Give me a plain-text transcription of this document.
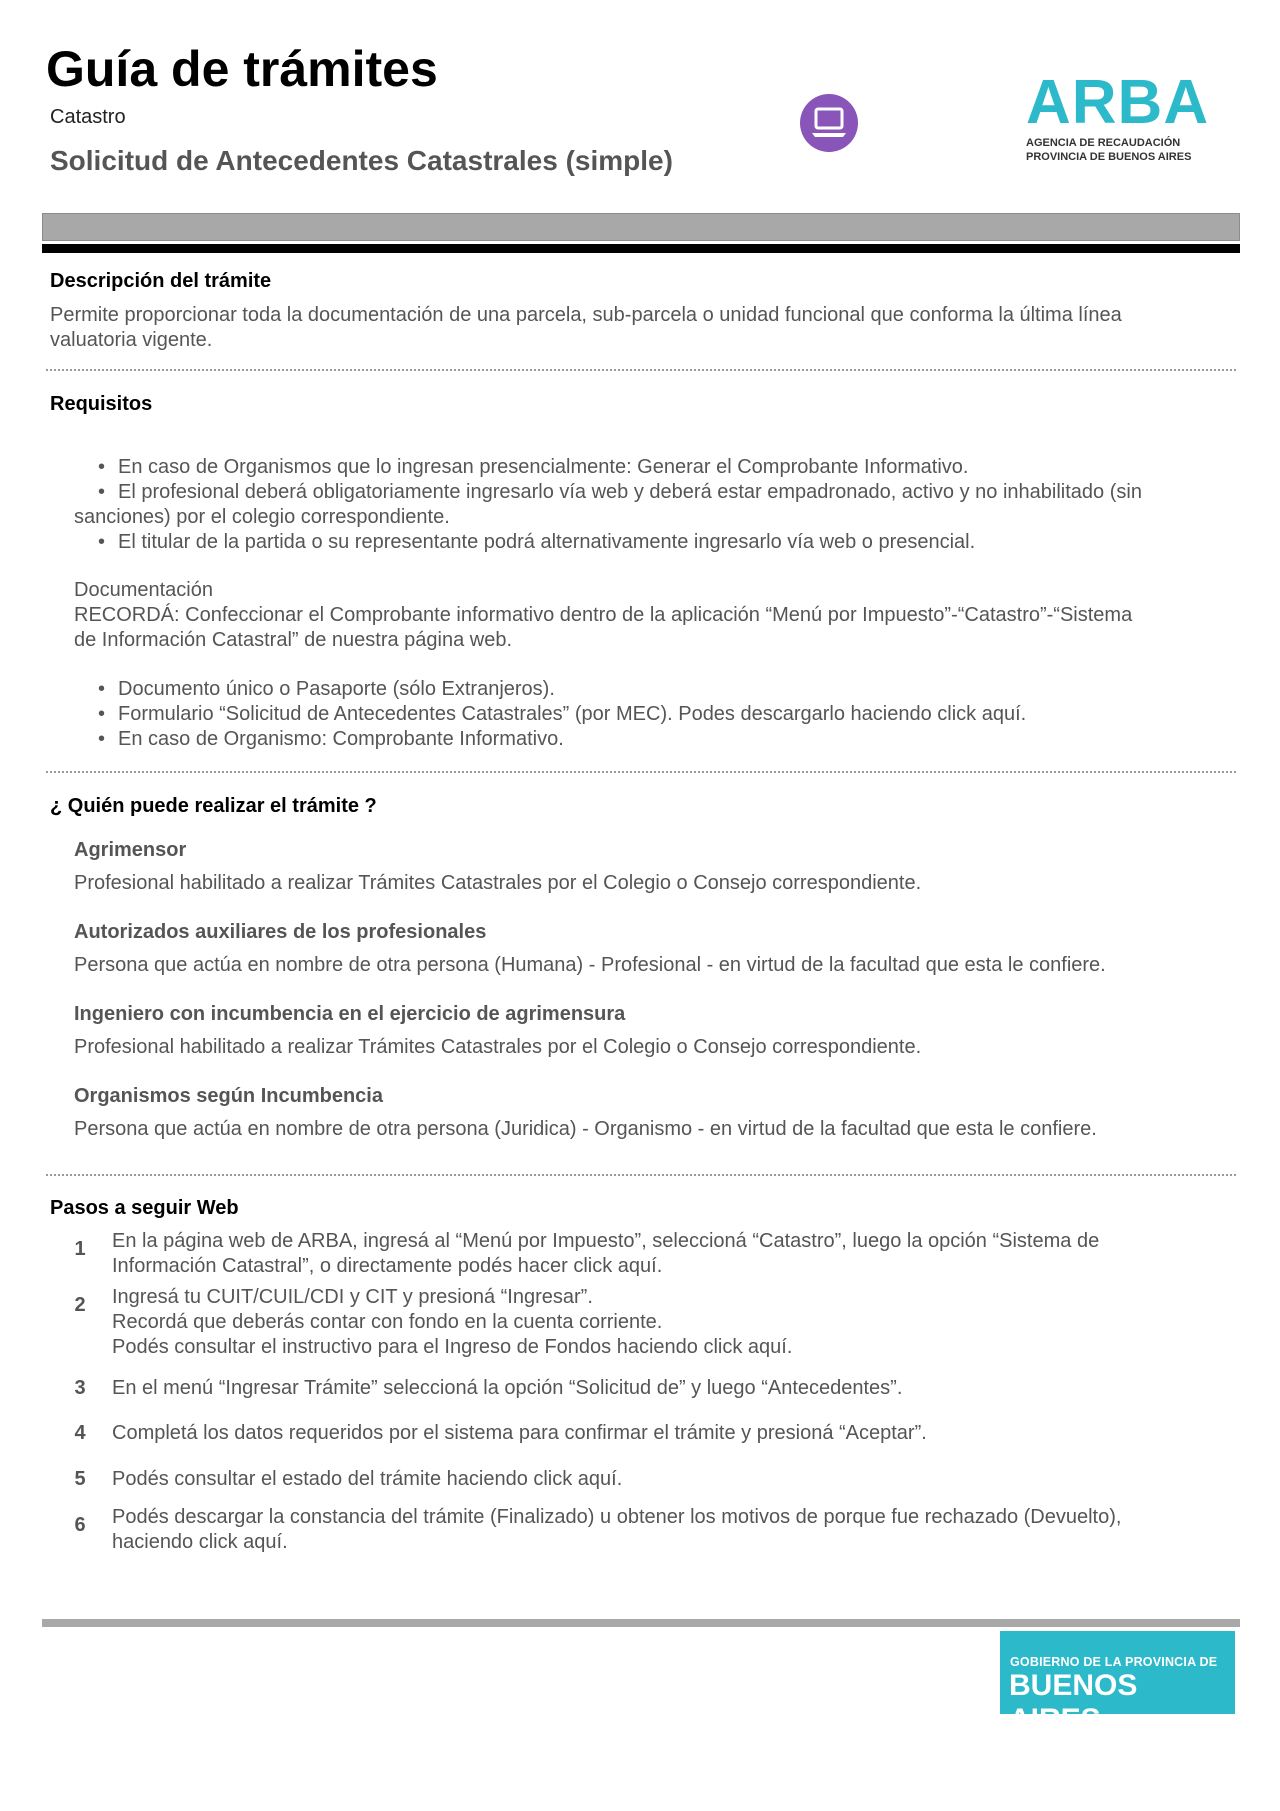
Guía de trámites
Catastro
Solicitud de Antecedentes Catastrales (simple)
ARBA
AGENCIA DE RECAUDACIÓN
PROVINCIA DE BUENOS AIRES
Descripción del trámite
Permite proporcionar toda la documentación de una parcela, sub-parcela o unidad funcional que conforma la última línea
valuatoria vigente.
Requisitos
• En caso de Organismos que lo ingresan presencialmente: Generar el Comprobante Informativo.
• El profesional deberá obligatoriamente ingresarlo vía web y deberá estar empadronado, activo y no inhabilitado (sin
sanciones) por el colegio correspondiente.
• El titular de la partida o su representante podrá alternativamente ingresarlo vía web o presencial.
Documentación
RECORDÁ: Confeccionar el Comprobante informativo dentro de la aplicación “Menú por Impuesto”-“Catastro”-“Sistema
de Información Catastral” de nuestra página web.
• Documento único o Pasaporte (sólo Extranjeros).
• Formulario “Solicitud de Antecedentes Catastrales” (por MEC). Podes descargarlo haciendo click aquí.
• En caso de Organismo: Comprobante Informativo.
¿ Quién puede realizar el trámite ?
Agrimensor
Profesional habilitado a realizar Trámites Catastrales por el Colegio o Consejo correspondiente.
Autorizados auxiliares de los profesionales
Persona que actúa en nombre de otra persona (Humana) - Profesional - en virtud de la facultad que esta le confiere.
Ingeniero con incumbencia en el ejercicio de agrimensura
Profesional habilitado a realizar Trámites Catastrales por el Colegio o Consejo correspondiente.
Organismos según Incumbencia
Persona que actúa en nombre de otra persona (Juridica) - Organismo - en virtud de la facultad que esta le confiere.
Pasos a seguir Web
1	En la página web de ARBA, ingresá al “Menú por Impuesto”, seleccioná “Catastro”, luego la opción “Sistema de
Información Catastral”, o directamente podés hacer click aquí.
2	Ingresá tu CUIT/CUIL/CDI y CIT y presioná “Ingresar”.
Recordá que deberás contar con fondo en la cuenta corriente.
Podés consultar el instructivo para el Ingreso de Fondos haciendo click aquí.
3	En el menú “Ingresar Trámite” seleccioná la opción “Solicitud de” y luego “Antecedentes”.
4	Completá los datos requeridos por el sistema para confirmar el trámite y presioná “Aceptar”.
5	Podés consultar el estado del trámite haciendo click aquí.
6	Podés descargar la constancia del trámite (Finalizado) u obtener los motivos de porque fue rechazado (Devuelto),
haciendo click aquí.
GOBIERNO DE LA PROVINCIA DE
BUENOS AIRES
